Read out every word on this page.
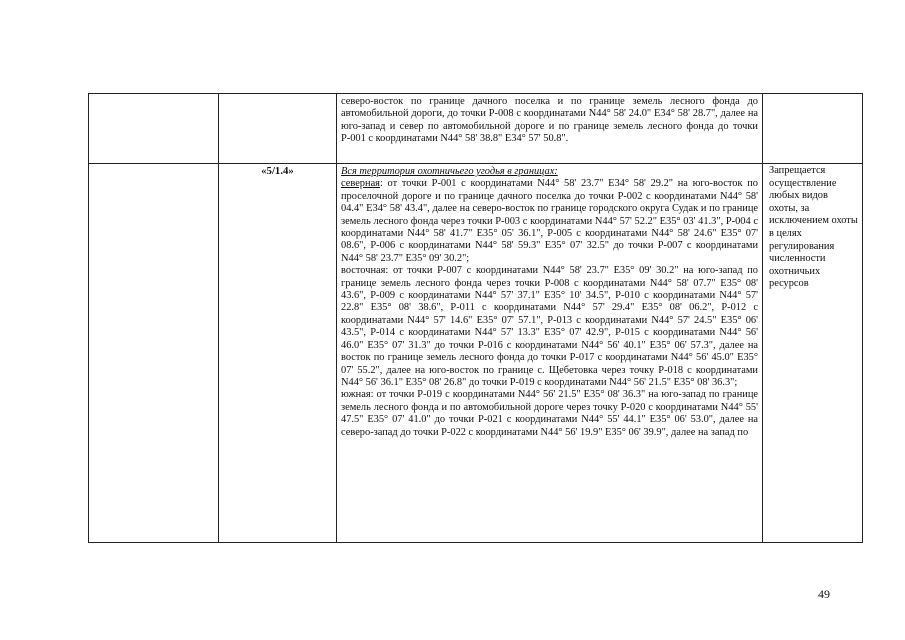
		северо-восток по границе дачного поселка и по границе земель лесного фонда до автомобильной дороги, до точки Р-008 с координатами N44° 58' 24.0" E34° 58' 28.7", далее на юго-запад и север по автомобильной дороге и по границе земель лесного фонда до точки Р-001 с координатами N44° 58' 38.8" E34° 57' 50.8".	

	«5/1.4»	Вся территория охотничьего угодья в границах:

северная: от точки Р-001 с координатами N44° 58' 23.7" E34° 58' 29.2" на юго-восток по проселочной дороге и по границе дачного поселка до точки Р-002 с координатами N44° 58' 04.4" E34° 58' 43.4", далее на северо-восток по границе городского округа Судак и по границе земель лесного фонда через точки Р-003 с координатами N44° 57' 52.2" E35° 03' 41.3", Р-004 с координатами N44° 58' 41.7" E35° 05' 36.1", Р-005 с координатами N44° 58' 24.6" E35° 07' 08.6", Р-006 с координатами N44° 58' 59.3" E35° 07' 32.5" до точки Р-007 с координатами N44° 58' 23.7" E35° 09' 30.2";

восточная: от точки Р-007 с координатами N44° 58' 23.7" E35° 09' 30.2" на юго-запад по границе земель лесного фонда через точки Р-008 с координатами N44° 58' 07.7" E35° 08' 43.6", Р-009 с координатами N44° 57' 37.1" E35° 10' 34.5", Р-010 с координатами N44° 57' 22.8" E35° 08' 38.6", Р-011 с координатами N44° 57' 29.4" E35° 08' 06.2", Р-012 с координатами N44° 57' 14.6" E35° 07' 57.1", Р-013 с координатами N44° 57' 24.5" E35° 06' 43.5", Р-014 с координатами N44° 57' 13.3" E35° 07' 42.9", Р-015 с координатами N44° 56' 46.0" E35° 07' 31.3" до точки Р-016 с координатами N44° 56' 40.1" E35° 06' 57.3", далее на восток по границе земель лесного фонда до точки Р-017 с координатами N44° 56' 45.0" E35° 07' 55.2", далее на юго-восток по границе с. Щебетовка через точку Р-018 с координатами N44° 56' 36.1" E35° 08' 26.8" до точки Р-019 с координатами N44° 56' 21.5" E35° 08' 36.3";

южная: от точки Р-019 с координатами N44° 56' 21.5" E35° 08' 36.3" на юго-запад по границе земель лесного фонда и по автомобильной дороге через точку Р-020 с координатами N44° 55' 47.5" E35° 07' 41.0" до точки Р-021 с координатами N44° 55' 44.1" E35° 06' 53.0", далее на северо-запад до точки Р-022 с координатами N44° 56' 19.9" E35° 06' 39.9", далее на запад по	Запрещается осуществление любых видов охоты, за исключением охоты в целях регулирования численности охотничьих ресурсов
49
